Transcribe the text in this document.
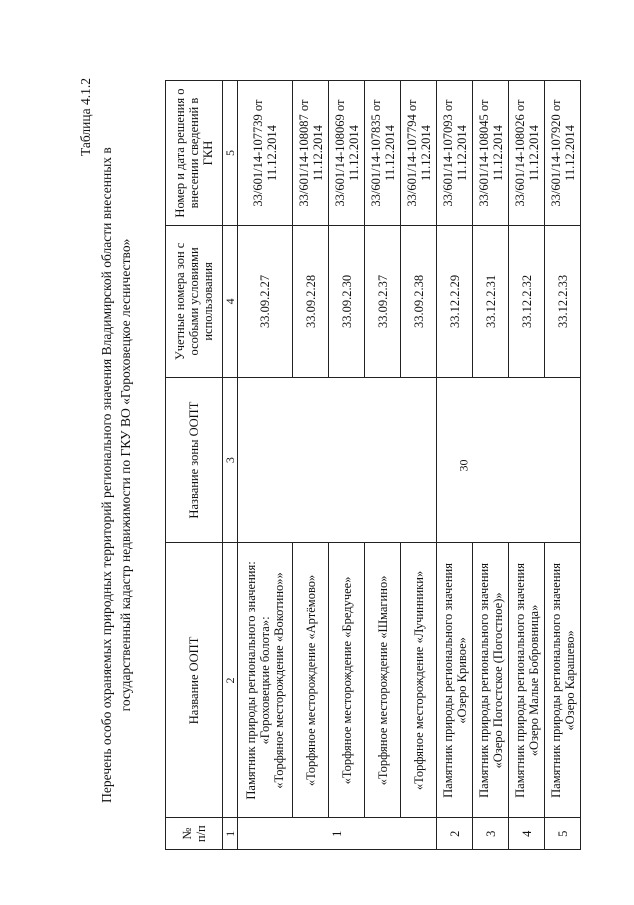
30
Таблица 4.1.2
Перечень особо охраняемых природных территорий регионального значения Владимирской области внесенных в государственный кадастр недвижимости по ГКУ ВО «Гороховецкое лесничество»
№ п/п	Название ООПТ	Название зоны ООПТ	Учетные номера зон с особыми условиями использования	Номер и дата решения о внесении сведений в ГКН
1	2	3	4	5
1	Памятник природы регионального значения: «Гороховецкие болота»: «Торфяное месторождение «Вокотино»»		33.09.2.27	33/601/14-107739 от 11.12.2014
	«Торфяное месторождение «Артёмово»		33.09.2.28	33/601/14-108087 от 11.12.2014
	«Торфяное месторождение «Бредучее»		33.09.2.30	33/601/14-108069 от 11.12.2014
	«Торфяное месторождение «Шмагино»		33.09.2.37	33/601/14-107835 от 11.12.2014
	«Торфяное месторождение «Лучинники»		33.09.2.38	33/601/14-107794 от 11.12.2014
2	Памятник природы регионального значения «Озеро Кривое»		33.12.2.29	33/601/14-107093 от 11.12.2014
3	Памятник природы регионального значения «Озеро Погостское (Погостное)»		33.12.2.31	33/601/14-108045 от 11.12.2014
4	Памятник природы регионального значения «Озеро Малые Бобровница»		33.12.2.32	33/601/14-108026 от 11.12.2014
5	Памятник природы регионального значения «Озеро Карашево»		33.12.2.33	33/601/14-107920 от 11.12.2014
